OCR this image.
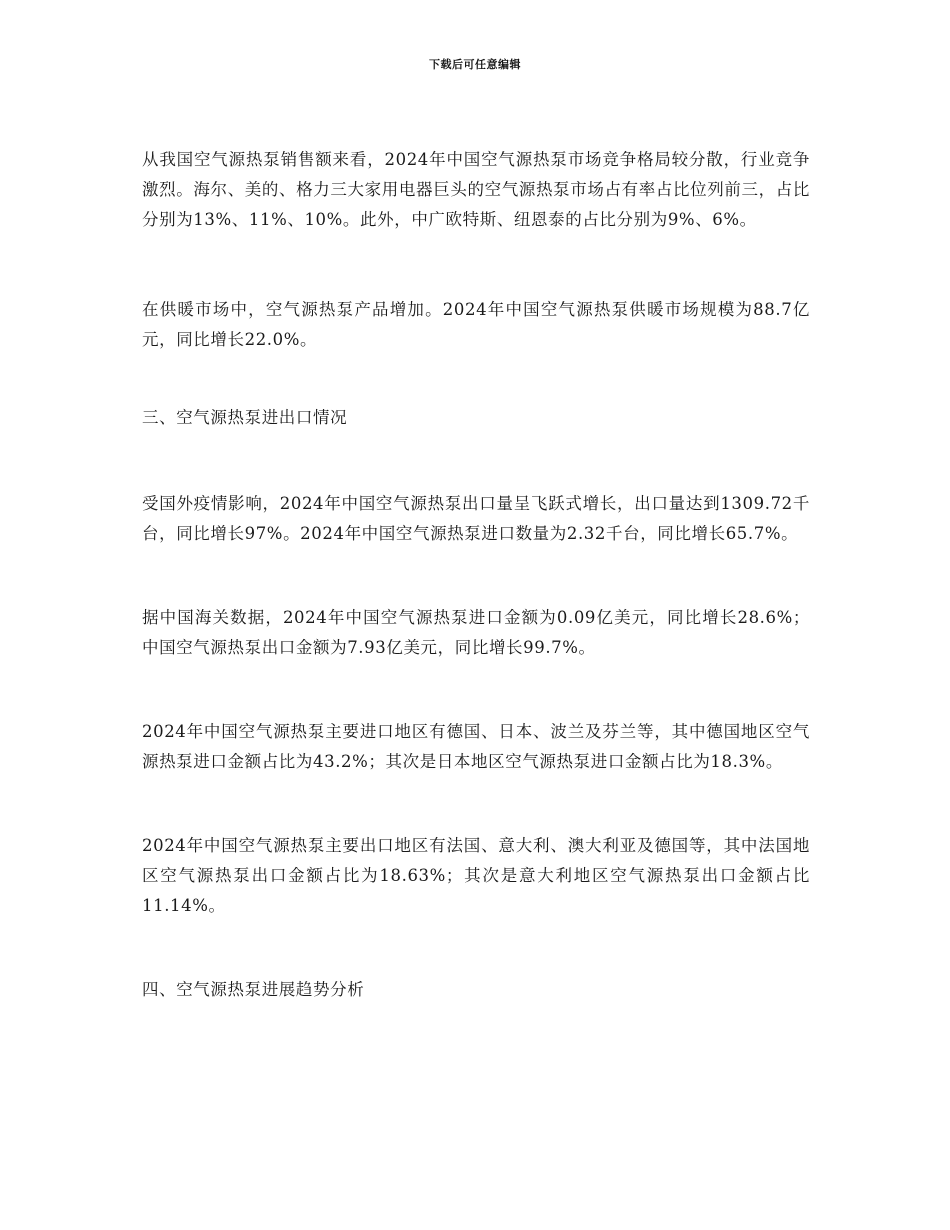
下载后可任意编辑

从我国空气源热泵销售额来看，2024年中国空气源热泵市场竞争格局较分散，行业竞争激烈。海尔、美的、格力三大家用电器巨头的空气源热泵市场占有率占比位列前三，占比分别为13%、11%、10%。此外，中广欧特斯、纽恩泰的占比分别为9%、6%。

在供暖市场中，空气源热泵产品增加。2024年中国空气源热泵供暖市场规模为88.7亿元，同比增长22.0%。

三、空气源热泵进出口情况

受国外疫情影响，2024年中国空气源热泵出口量呈飞跃式增长，出口量达到1309.72千台，同比增长97%。2024年中国空气源热泵进口数量为2.32千台，同比增长65.7%。

据中国海关数据，2024年中国空气源热泵进口金额为0.09亿美元，同比增长28.6%；中国空气源热泵出口金额为7.93亿美元，同比增长99.7%。

2024年中国空气源热泵主要进口地区有德国、日本、波兰及芬兰等，其中德国地区空气源热泵进口金额占比为43.2%；其次是日本地区空气源热泵进口金额占比为18.3%。

2024年中国空气源热泵主要出口地区有法国、意大利、澳大利亚及德国等，其中法国地区空气源热泵出口金额占比为18.63%；其次是意大利地区空气源热泵出口金额占比11.14%。

四、空气源热泵进展趋势分析
